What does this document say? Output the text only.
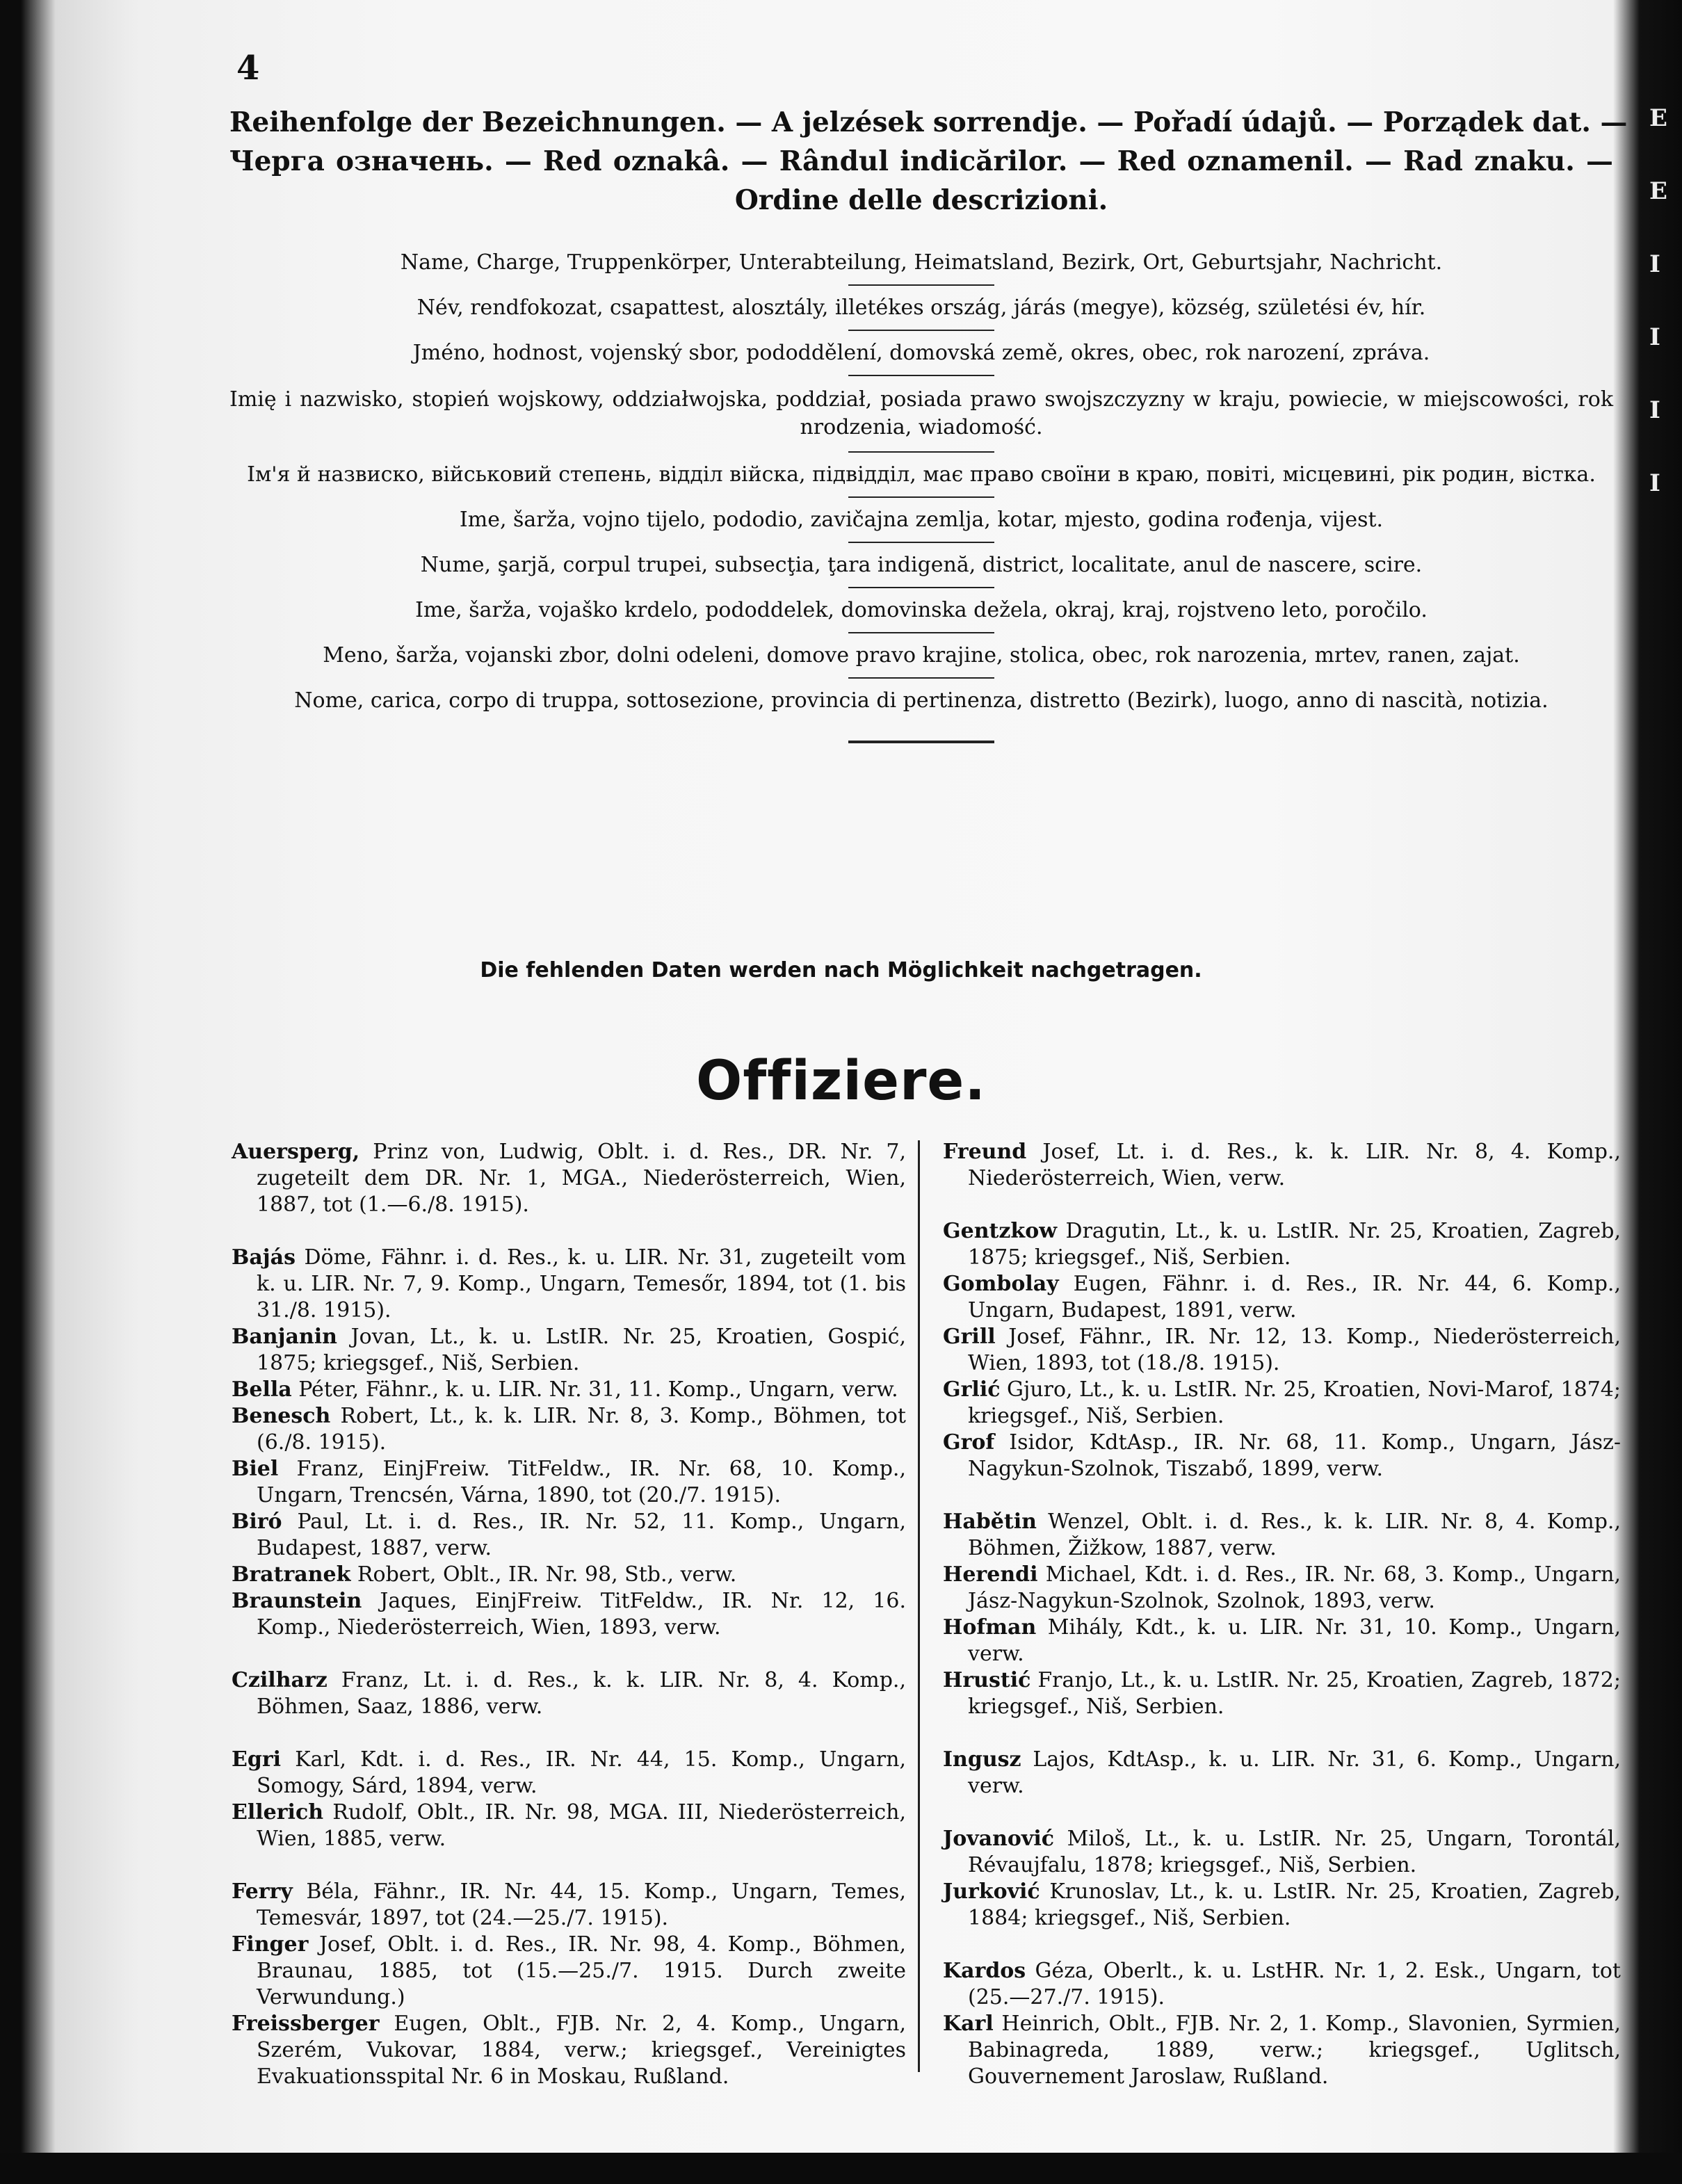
E
E
I
I
I
I
4
Reihenfolge der Bezeichnungen. — A jelzések sorrendje. — Pořadí údajů. — Porządek dat. —
Черга означень. — Red oznakâ. — Rândul indicărilor. — Red oznamenil. — Rad znaku. —
Ordine delle descrizioni.

Name, Charge, Truppenkörper, Unterabteilung, Heimatsland, Bezirk, Ort, Geburtsjahr, Nachricht.

Név, rendfokozat, csapattest, alosztály, illetékes ország, járás (megye), község, születési év, hír.

Jméno, hodnost, vojenský sbor, pododdělení, domovská země, okres, obec, rok narození, zpráva.

Imię i nazwisko, stopień wojskowy, oddziałwojska, poddział, posiada prawo swojszczyzny w kraju, powiecie, w miejscowości, rok nrodzenia, wiadomość.

Ім'я й назвиско, військовий степень, відділ війска, підвідділ, має право своїни в краю, повіті, місцевині, рік родин, вістка.

Ime, šarža, vojno tijelo, pododio, zavičajna zemlja, kotar, mjesto, godina rođenja, vijest.

Nume, şarjă, corpul trupei, subsecţia, ţara indigenă, district, localitate, anul de nascere, scire.

Ime, šarža, vojaško krdelo, pododdelek, domovinska dežela, okraj, kraj, rojstveno leto, poročilo.

Meno, šarža, vojanski zbor, dolni odeleni, domove pravo krajine, stolica, obec, rok narozenia, mrtev, ranen, zajat.

Nome, carica, corpo di truppa, sottosezione, provincia di pertinenza, distretto (Bezirk), luogo, anno di nascità, notizia.

Die fehlenden Daten werden nach Möglichkeit nachgetragen.
Offiziere.

Auersperg, Prinz von, Ludwig, Oblt. i. d. Res., DR. Nr. 7, zugeteilt dem DR. Nr. 1, MGA., Niederösterreich, Wien, 1887, tot (1.—6./8. 1915).

Bajás Döme, Fähnr. i. d. Res., k. u. LIR. Nr. 31, zugeteilt vom k. u. LIR. Nr. 7, 9. Komp., Ungarn, Temesőr, 1894, tot (1. bis 31./8. 1915).

Banjanin Jovan, Lt., k. u. LstIR. Nr. 25, Kroatien, Gospić, 1875; kriegsgef., Niš, Serbien.

Bella Péter, Fähnr., k. u. LIR. Nr. 31, 11. Komp., Ungarn, verw.

Benesch Robert, Lt., k. k. LIR. Nr. 8, 3. Komp., Böhmen, tot (6./8. 1915).

Biel Franz, EinjFreiw. TitFeldw., IR. Nr. 68, 10. Komp., Ungarn, Trencsén, Várna, 1890, tot (20./7. 1915).

Biró Paul, Lt. i. d. Res., IR. Nr. 52, 11. Komp., Ungarn, Budapest, 1887, verw.

Bratranek Robert, Oblt., IR. Nr. 98, Stb., verw.

Braunstein Jaques, EinjFreiw. TitFeldw., IR. Nr. 12, 16. Komp., Niederösterreich, Wien, 1893, verw.

Czilharz Franz, Lt. i. d. Res., k. k. LIR. Nr. 8, 4. Komp., Böhmen, Saaz, 1886, verw.

Egri Karl, Kdt. i. d. Res., IR. Nr. 44, 15. Komp., Ungarn, Somogy, Sárd, 1894, verw.

Ellerich Rudolf, Oblt., IR. Nr. 98, MGA. III, Niederösterreich, Wien, 1885, verw.

Ferry Béla, Fähnr., IR. Nr. 44, 15. Komp., Ungarn, Temes, Temesvár, 1897, tot (24.—25./7. 1915).

Finger Josef, Oblt. i. d. Res., IR. Nr. 98, 4. Komp., Böhmen, Braunau, 1885, tot (15.—25./7. 1915. Durch zweite Verwundung.)

Freissberger Eugen, Oblt., FJB. Nr. 2, 4. Komp., Ungarn, Szerém, Vukovar, 1884, verw.; kriegsgef., Vereinigtes Evakuationsspital Nr. 6 in Moskau, Rußland.

Freund Josef, Lt. i. d. Res., k. k. LIR. Nr. 8, 4. Komp., Niederösterreich, Wien, verw.

Gentzkow Dragutin, Lt., k. u. LstIR. Nr. 25, Kroatien, Zagreb, 1875; kriegsgef., Niš, Serbien.

Gombolay Eugen, Fähnr. i. d. Res., IR. Nr. 44, 6. Komp., Ungarn, Budapest, 1891, verw.

Grill Josef, Fähnr., IR. Nr. 12, 13. Komp., Niederösterreich, Wien, 1893, tot (18./8. 1915).

Grlić Gjuro, Lt., k. u. LstIR. Nr. 25, Kroatien, Novi-Marof, 1874; kriegsgef., Niš, Serbien.

Grof Isidor, KdtAsp., IR. Nr. 68, 11. Komp., Ungarn, Jász-Nagykun-Szolnok, Tiszabő, 1899, verw.

Habětin Wenzel, Oblt. i. d. Res., k. k. LIR. Nr. 8, 4. Komp., Böhmen, Žižkow, 1887, verw.

Herendi Michael, Kdt. i. d. Res., IR. Nr. 68, 3. Komp., Ungarn, Jász-Nagykun-Szolnok, Szolnok, 1893, verw.

Hofman Mihály, Kdt., k. u. LIR. Nr. 31, 10. Komp., Ungarn, verw.

Hrustić Franjo, Lt., k. u. LstIR. Nr. 25, Kroatien, Zagreb, 1872; kriegsgef., Niš, Serbien.

Ingusz Lajos, KdtAsp., k. u. LIR. Nr. 31, 6. Komp., Ungarn, verw.

Jovanović Miloš, Lt., k. u. LstIR. Nr. 25, Ungarn, Torontál, Révaujfalu, 1878; kriegsgef., Niš, Serbien.

Jurković Krunoslav, Lt., k. u. LstIR. Nr. 25, Kroatien, Zagreb, 1884; kriegsgef., Niš, Serbien.

Kardos Géza, Oberlt., k. u. LstHR. Nr. 1, 2. Esk., Ungarn, tot (25.—27./7. 1915).

Karl Heinrich, Oblt., FJB. Nr. 2, 1. Komp., Slavonien, Syrmien, Babinagreda, 1889, verw.; kriegsgef., Uglitsch, Gouvernement Jaroslaw, Rußland.
